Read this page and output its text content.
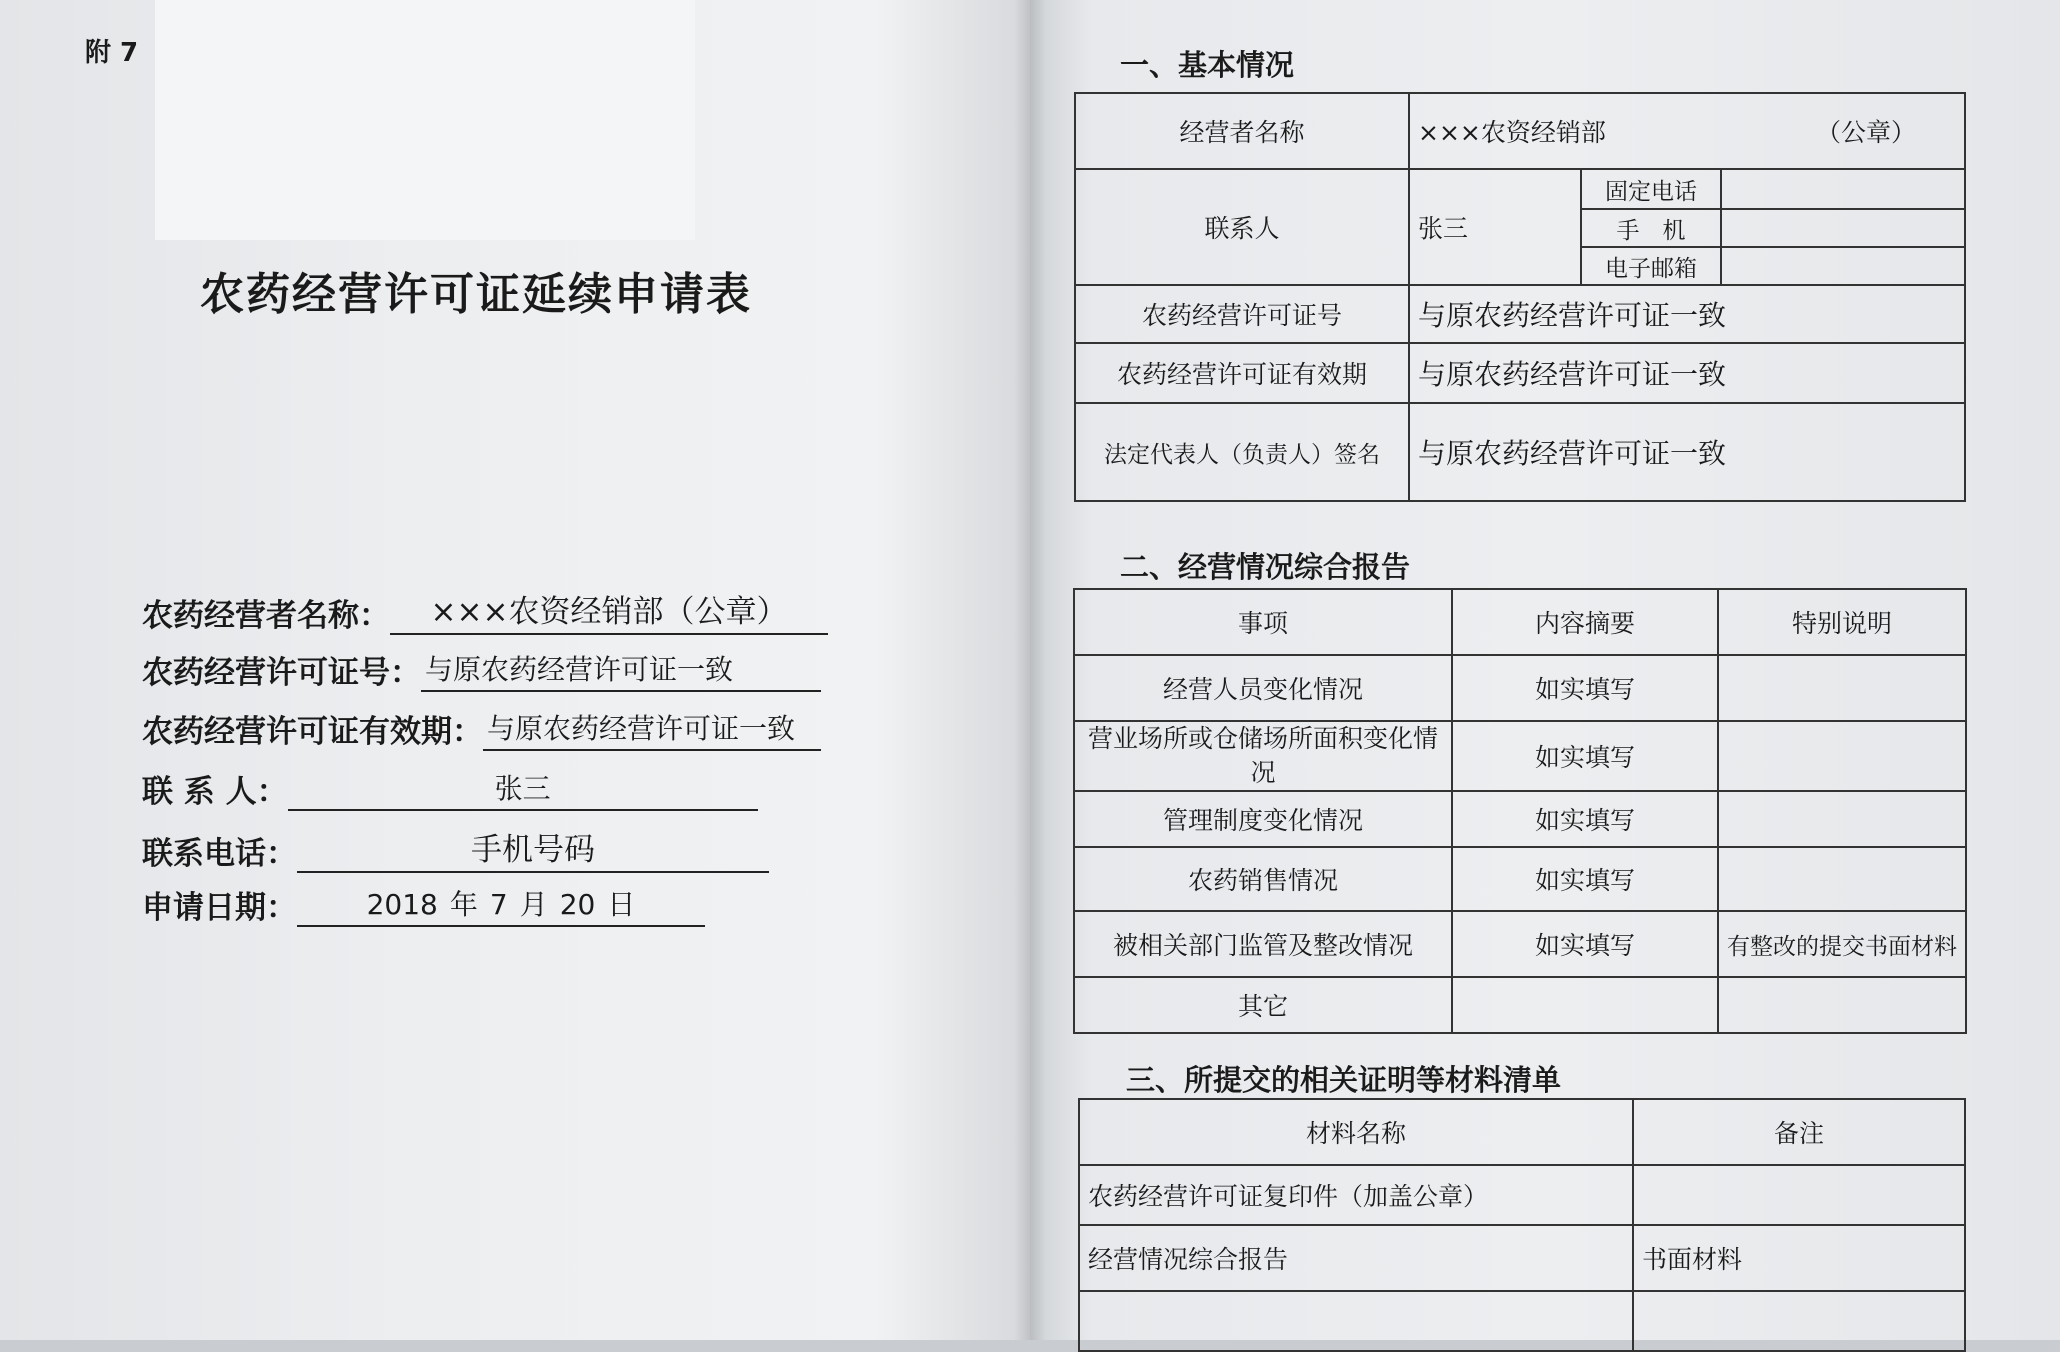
附 7
农药经营许可证延续申请表
农药经营者名称： ×××农资经销部（公章）
农药经营许可证号： 与原农药经营许可证一致
农药经营许可证有效期： 与原农药经营许可证一致
联 系 人：	张三
联系电话：	手机号码
申请日期： 2018 年 7 月 20 日
一、基本情况
经营者名称	×××农资经销部 （公章）		

联系人	张三	固定电话	
		手　机	
		电子邮箱	
农药经营许可证号	与原农药经营许可证一致		
农药经营许可证有效期	与原农药经营许可证一致		
法定代表人（负责人）签名	与原农药经营许可证一致		
二、经营情况综合报告
事项	内容摘要	特别说明
经营人员变化情况	如实填写	
营业场所或仓储场所面积变化情况	如实填写	
管理制度变化情况	如实填写	
农药销售情况	如实填写	
被相关部门监管及整改情况	如实填写	有整改的提交书面材料
其它		
三、所提交的相关证明等材料清单
材料名称	备注
农药经营许可证复印件（加盖公章）	
经营情况综合报告	书面材料
